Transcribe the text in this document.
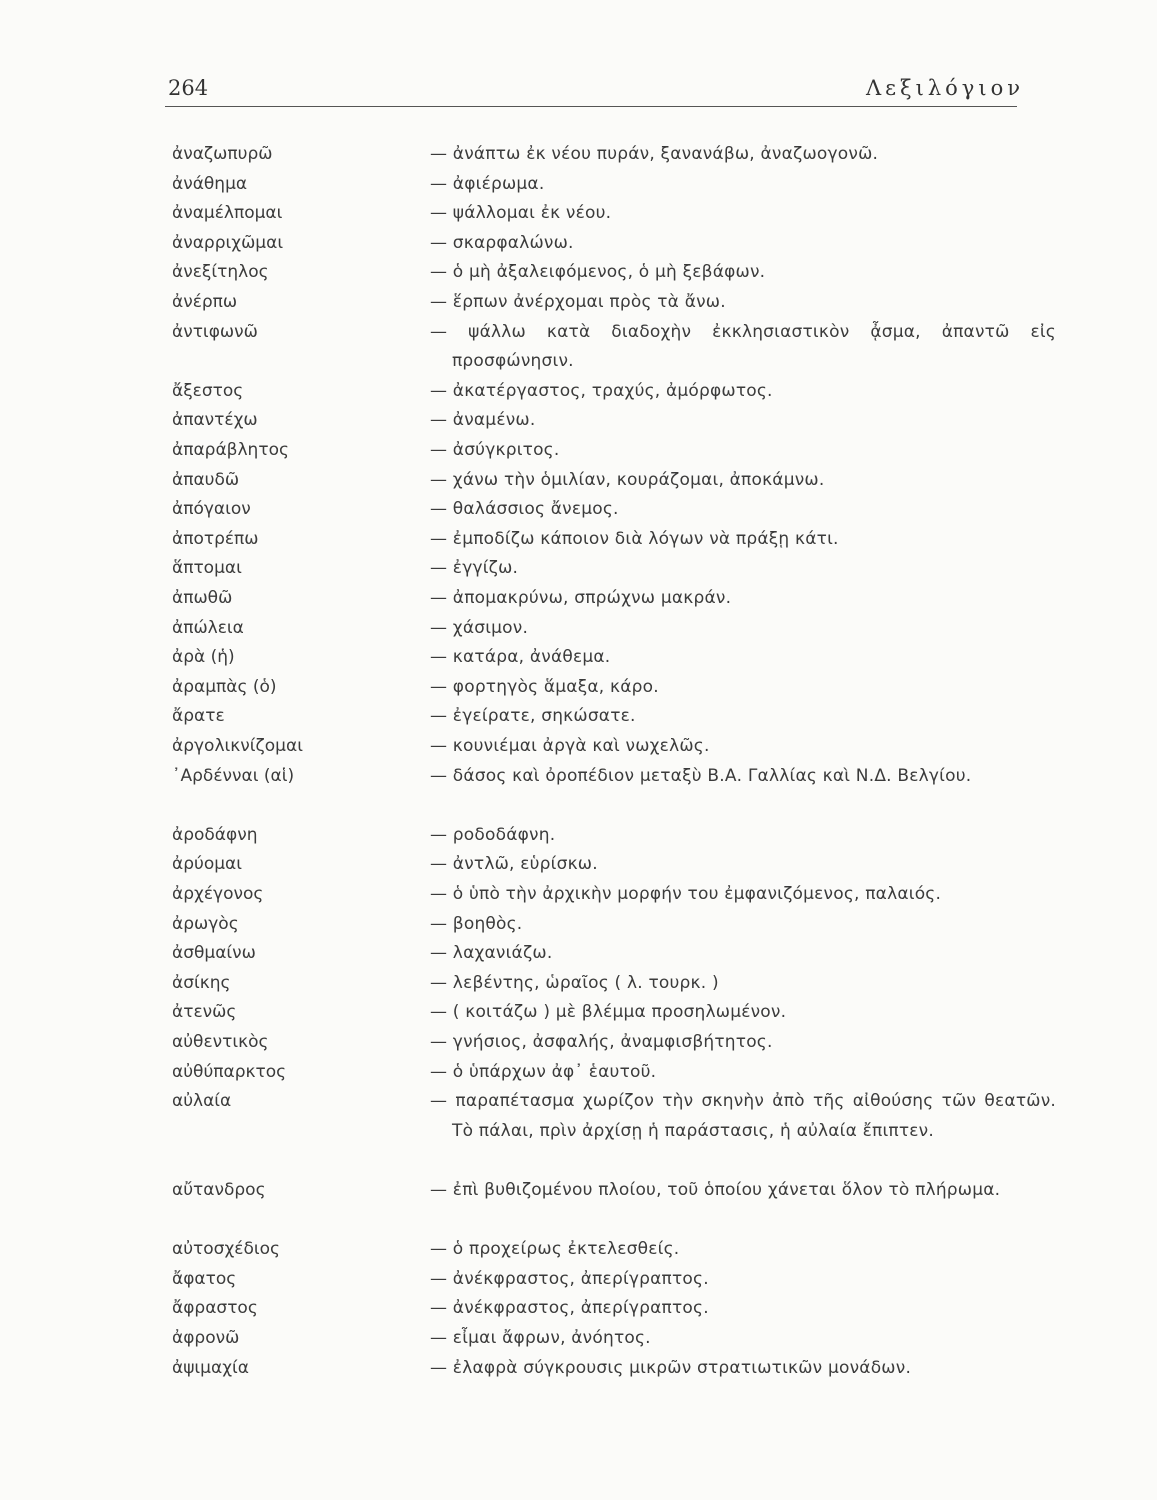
264	Λεξιλόγιον
ἀναζωπυρῶ	— ἀνάπτω ἐκ νέου πυράν, ξανανάβω, ἀναζωογονῶ.
ἀνάθημα	— ἀφιέρωμα.
ἀναμέλπομαι	— ψάλλομαι ἐκ νέου.
ἀναρριχῶμαι	— σκαρφαλώνω.
ἀνεξίτηλος	— ὁ μὴ ἀξαλειφόμενος, ὁ μὴ ξεβάφων.
ἀνέρπω	— ἕρπων ἀνέρχομαι πρὸς τὰ ἄνω.
ἀντιφωνῶ	— ψάλλω κατὰ διαδοχὴν ἐκκλησιαστικὸν ᾆσμα, ἀπαντῶ εἰς προσφώνησιν.
ἄξεστος	— ἀκατέργαστος, τραχύς, ἀμόρφωτος.
ἀπαντέχω	— ἀναμένω.
ἀπαράβλητος	— ἀσύγκριτος.
ἀπαυδῶ	— χάνω τὴν ὁμιλίαν, κουράζομαι, ἀποκάμνω.
ἀπόγαιον	— θαλάσσιος ἄνεμος.
ἀποτρέπω	— ἐμποδίζω κάποιον διὰ λόγων νὰ πράξῃ κάτι.
ἅπτομαι	— ἐγγίζω.
ἀπωθῶ	— ἀπομακρύνω, σπρώχνω μακράν.
ἀπώλεια	— χάσιμον.
ἀρὰ (ἡ)	— κατάρα, ἀνάθεμα.
ἀραμπὰς (ὁ)	— φορτηγὸς ἅμαξα, κάρο.
ἄρατε	— ἐγείρατε, σηκώσατε.
ἀργολικνίζομαι	— κουνιέμαι ἀργὰ καὶ νωχελῶς.
᾿Αρδένναι (αἱ)	— δάσος καὶ ὀροπέδιον μεταξὺ Β.Α. Γαλλίας καὶ Ν.Δ. Βελγίου.
ἀροδάφνη	— ροδοδάφνη.
ἀρύομαι	— ἀντλῶ, εὑρίσκω.
ἀρχέγονος	— ὁ ὑπὸ τὴν ἀρχικὴν μορφήν του ἐμφανιζόμενος, παλαιός.
ἀρωγὸς	— βοηθὸς.
ἀσθμαίνω	— λαχανιάζω.
ἀσίκης	— λεβέντης, ὡραῖος ( λ. τουρκ. )
ἀτενῶς	— ( κοιτάζω ) μὲ βλέμμα προσηλωμένον.
αὐθεντικὸς	— γνήσιος, ἀσφαλής, ἀναμφισβήτητος.
αὐθύπαρκτος	— ὁ ὑπάρχων ἀφ᾿ ἑαυτοῦ.
αὐλαία	— παραπέτασμα χωρίζον τὴν σκηνὴν ἀπὸ τῆς αἰθούσης τῶν θεατῶν. Τὸ πάλαι, πρὶν ἀρχίσῃ ἡ παράστασις, ἡ αὐλαία ἔπιπτεν.
αὔτανδρος	— ἐπὶ βυθιζομένου πλοίου, τοῦ ὁποίου χάνεται ὅλον τὸ πλήρωμα.
αὐτοσχέδιος	— ὁ προχείρως ἐκτελεσθείς.
ἄφατος	— ἀνέκφραστος, ἀπερίγραπτος.
ἄφραστος	— ἀνέκφραστος, ἀπερίγραπτος.
ἀφρονῶ	— εἶμαι ἄφρων, ἀνόητος.
ἀψιμαχία	— ἐλαφρὰ σύγκρουσις μικρῶν στρατιωτικῶν μονάδων.
